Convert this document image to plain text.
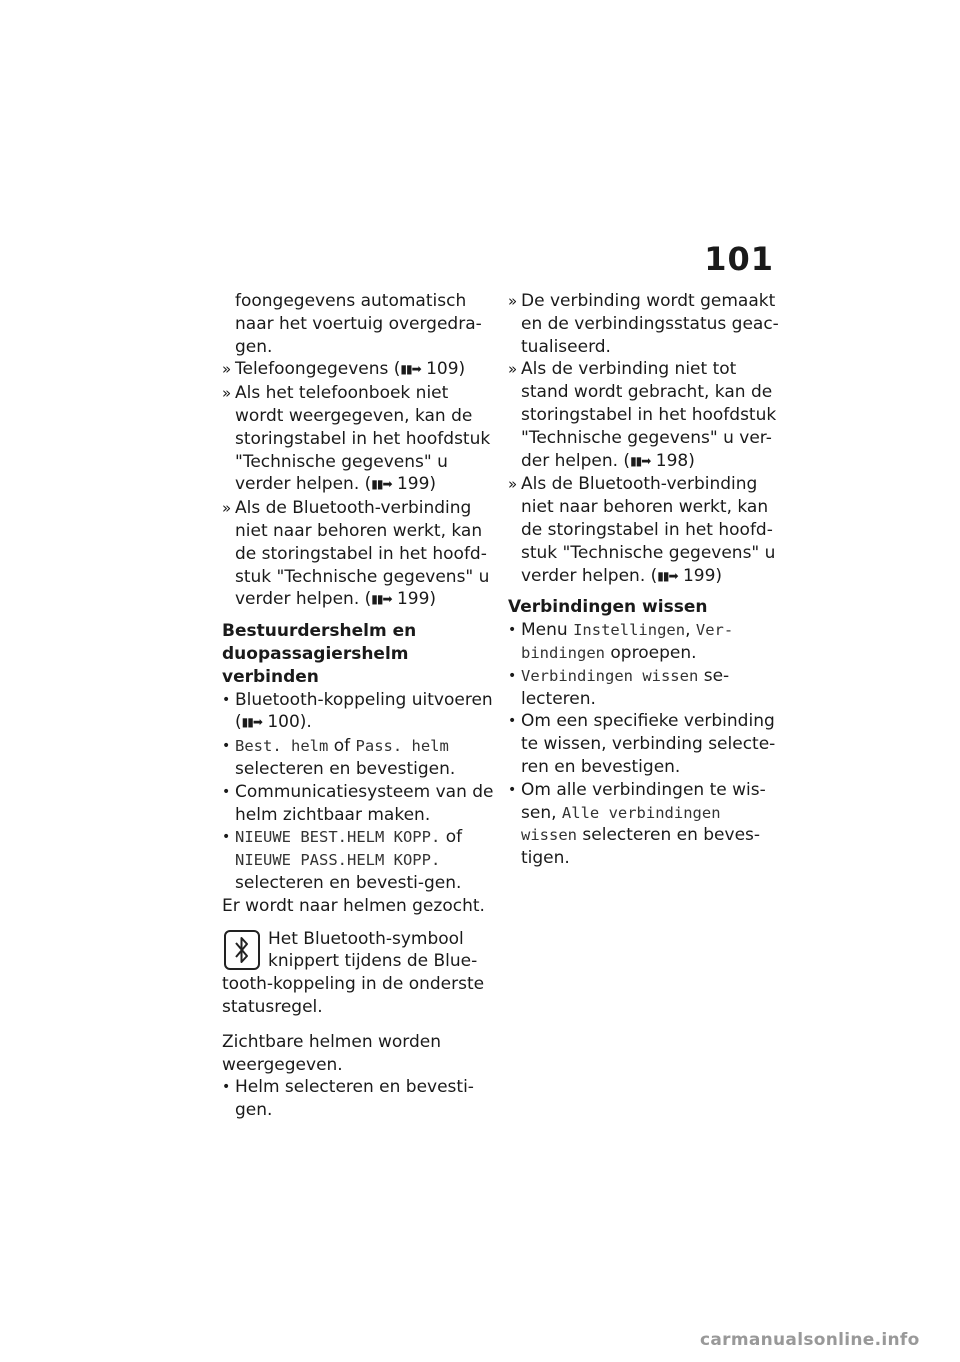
101
foongegevens automatisch naar het voertuig overgedra-gen.
» Telefoongegevens (▮▮➡ 109)
» Als het telefoonboek niet wordt weergegeven, kan de storingstabel in het hoofdstuk "Technische gegevens" u verder helpen. (▮▮➡ 199)
» Als de Bluetooth-verbinding niet naar behoren werkt, kan de storingstabel in het hoofd-stuk "Technische gegevens" u verder helpen. (▮▮➡ 199)
Bestuurdershelm en duopassagiershelm verbinden
• Bluetooth-koppeling uitvoeren (▮▮➡ 100).
• Best. helm of Pass. helm selecteren en bevestigen.
• Communicatiesysteem van de helm zichtbaar maken.
• NIEUWE BEST.HELM KOPP. of NIEUWE PASS.HELM KOPP. selecteren en bevesti-gen.
Er wordt naar helmen gezocht.
Het Bluetooth-symbool knippert tijdens de Blue-tooth-koppeling in de onderste statusregel.
Zichtbare helmen worden weergegeven.
• Helm selecteren en bevesti-gen.
» De verbinding wordt gemaakt en de verbindingsstatus geac-tualiseerd.
» Als de verbinding niet tot stand wordt gebracht, kan de storingstabel in het hoofdstuk "Technische gegevens" u ver-der helpen. (▮▮➡ 198)
» Als de Bluetooth-verbinding niet naar behoren werkt, kan de storingstabel in het hoofd-stuk "Technische gegevens" u verder helpen. (▮▮➡ 199)
Verbindingen wissen
• Menu Instellingen, Ver-bindingen oproepen.
• Verbindingen wissen se-lecteren.
• Om een specifieke verbinding te wissen, verbinding selecte-ren en bevestigen.
• Om alle verbindingen te wis-sen, Alle verbindingen wissen selecteren en beves-tigen.
carmanualsonline.info
